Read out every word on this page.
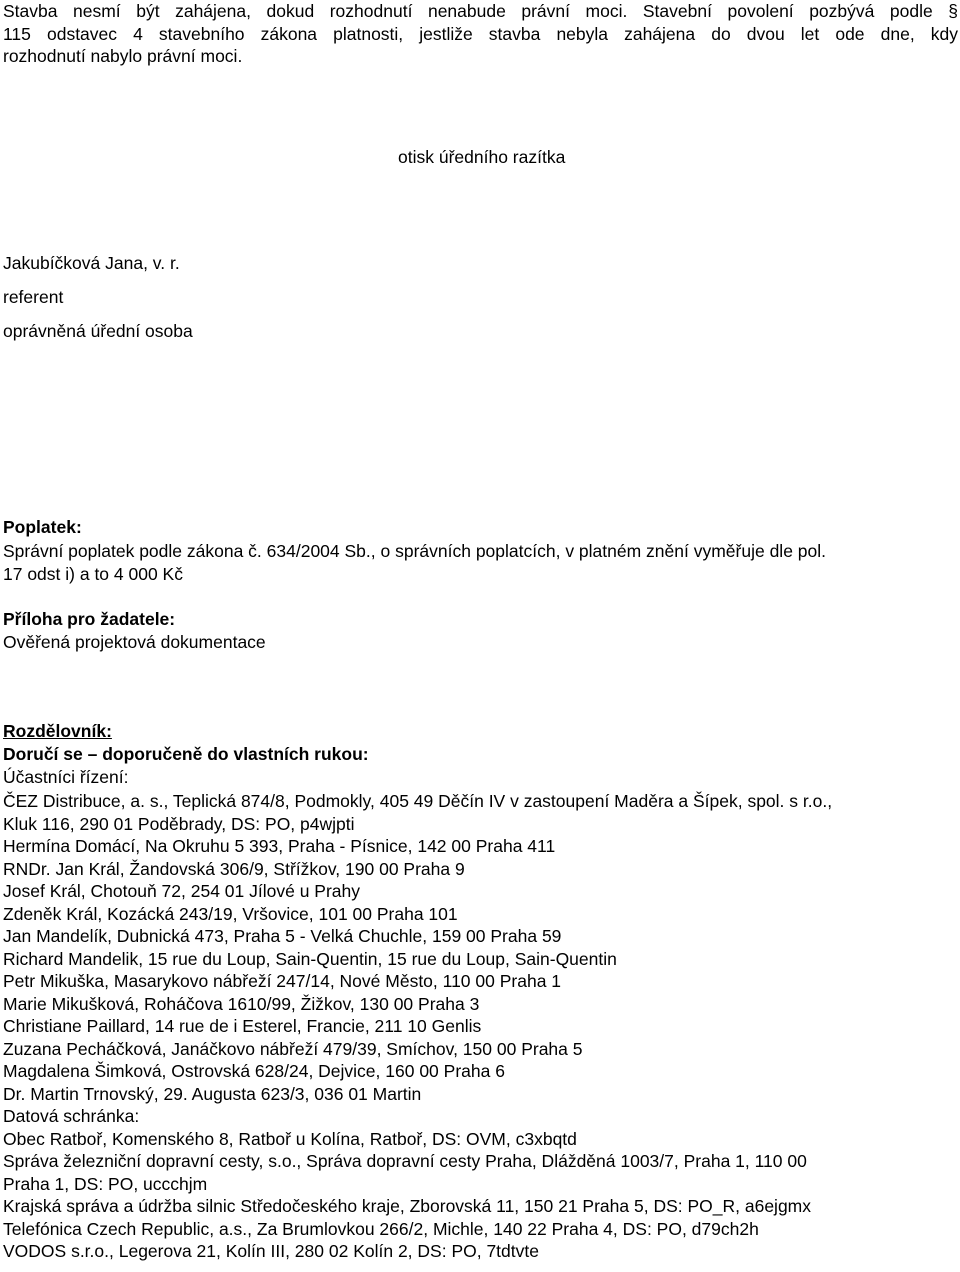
Stavba nesmí být zahájena, dokud rozhodnutí nenabude právní moci. Stavební povolení pozbývá podle §
115 odstavec 4 stavebního zákona platnosti, jestliže stavba nebyla zahájena do dvou let ode dne, kdy
rozhodnutí nabylo právní moci.
otisk úředního razítka
Jakubíčková Jana, v. r.
referent
oprávněná úřední osoba
Poplatek:
Správní poplatek podle zákona č. 634/2004 Sb., o správních poplatcích, v platném znění vyměřuje dle pol.
17 odst i) a to 4 000 Kč
Příloha pro žadatele:
Ověřená projektová dokumentace
Rozdělovník:
Doručí se – doporučeně do vlastních rukou:
Účastníci řízení:
ČEZ Distribuce, a. s., Teplická 874/8, Podmokly, 405 49 Děčín IV v zastoupení Maděra a Šípek, spol. s r.o.,
Kluk 116, 290 01 Poděbrady, DS: PO, p4wjpti
Hermína Domácí, Na Okruhu 5 393, Praha - Písnice, 142 00 Praha 411
RNDr. Jan Král, Žandovská 306/9, Střížkov, 190 00 Praha 9
Josef Král, Chotouň 72, 254 01 Jílové u Prahy
Zdeněk Král, Kozácká 243/19, Vršovice, 101 00 Praha 101
Jan Mandelík, Dubnická 473, Praha 5 - Velká Chuchle, 159 00 Praha 59
Richard Mandelik, 15 rue du Loup, Sain-Quentin, 15 rue du Loup, Sain-Quentin
Petr Mikuška, Masarykovo nábřeží 247/14, Nové Město, 110 00 Praha 1
Marie Mikušková, Roháčova 1610/99, Žižkov, 130 00 Praha 3
Christiane Paillard, 14 rue de i Esterel, Francie, 211 10 Genlis
Zuzana Pecháčková, Janáčkovo nábřeží 479/39, Smíchov, 150 00 Praha 5
Magdalena Šimková, Ostrovská 628/24, Dejvice, 160 00 Praha 6
Dr. Martin Trnovský, 29. Augusta 623/3, 036 01 Martin
Datová schránka:
Obec Ratboř, Komenského 8, Ratboř u Kolína, Ratboř, DS: OVM, c3xbqtd
Správa železniční dopravní cesty, s.o., Správa dopravní cesty Praha, Dlážděná 1003/7, Praha 1, 110 00
Praha 1, DS: PO, uccchjm
Krajská správa a údržba silnic Středočeského kraje, Zborovská 11, 150 21 Praha 5, DS: PO_R, a6ejgmx
Telefónica Czech Republic, a.s., Za Brumlovkou 266/2, Michle, 140 22 Praha 4, DS: PO, d79ch2h
VODOS s.r.o., Legerova 21, Kolín III, 280 02 Kolín 2, DS: PO, 7tdtvte
